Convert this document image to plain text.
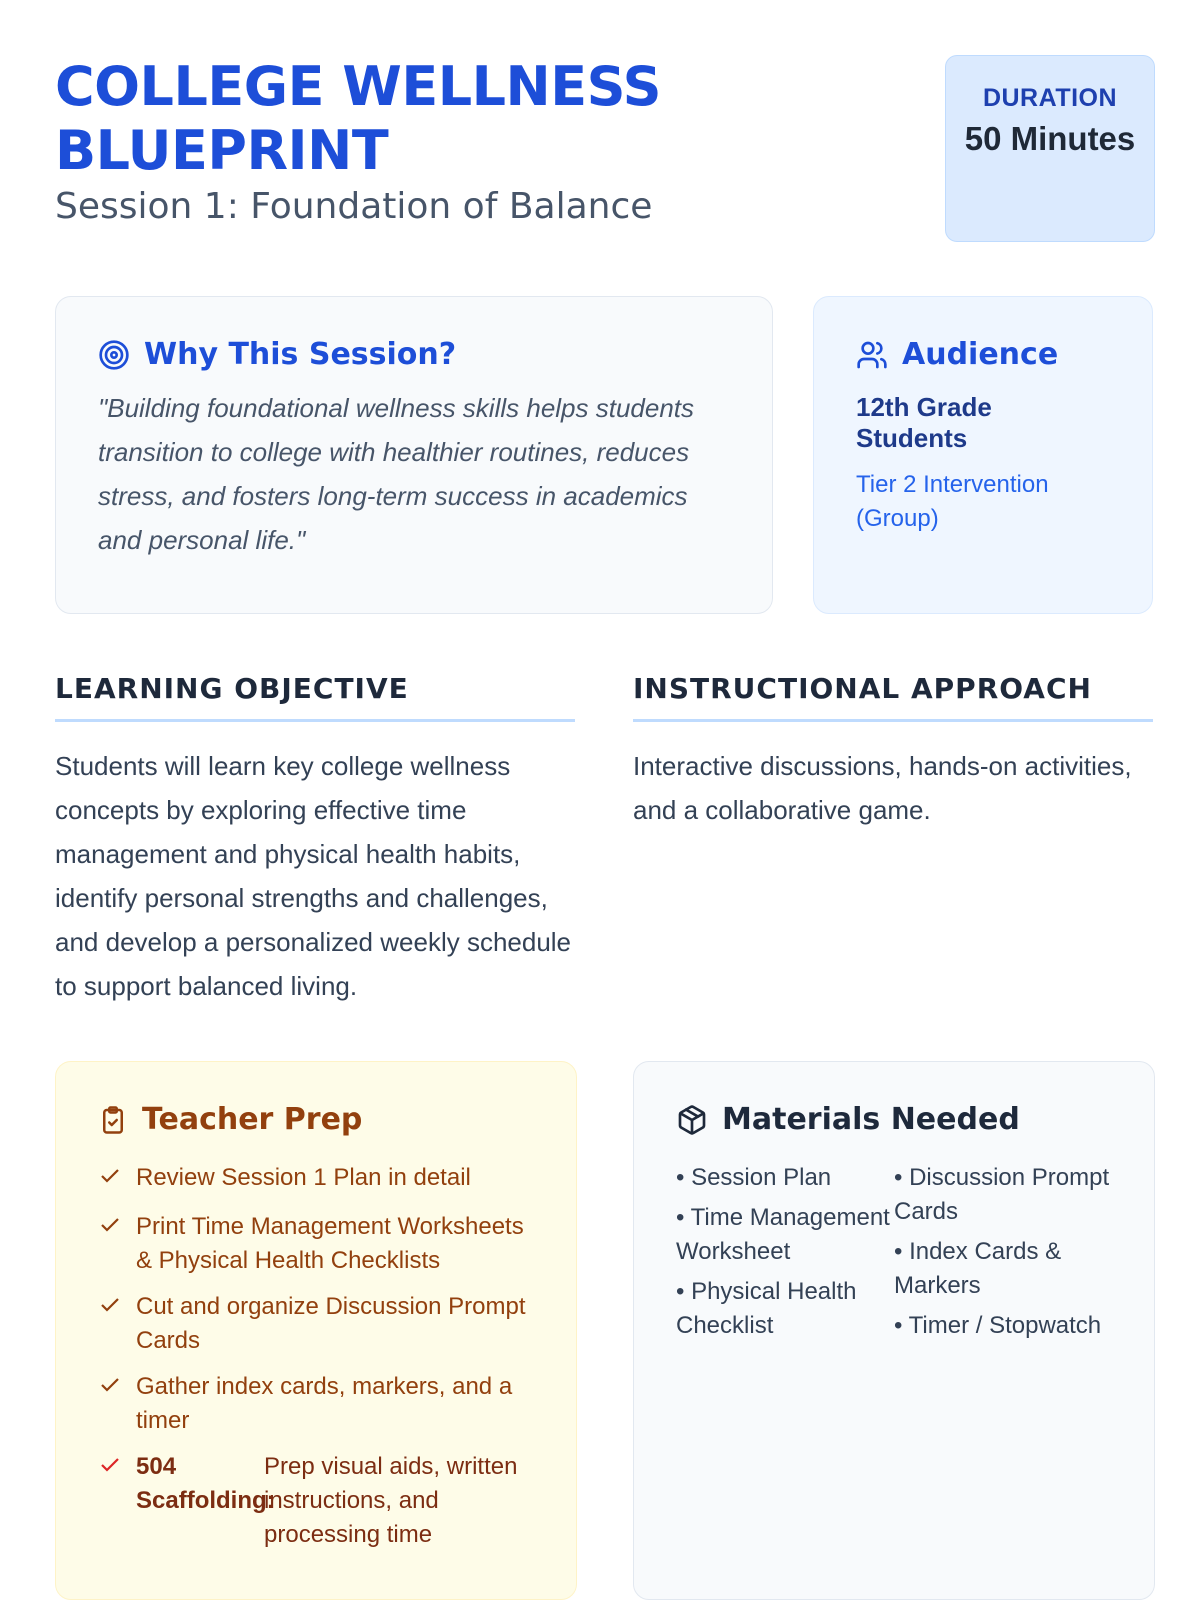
COLLEGE WELLNESS BLUEPRINT
Session 1: Foundation of Balance
DURATION
50 Minutes
Why This Session?

"Building foundational wellness skills helps students transition to college with healthier routines, reduces stress, and fosters long-term success in academics and personal life."

Audience
12th Grade Students
Tier 2 Intervention (Group)
LEARNING OBJECTIVE

Students will learn key college wellness concepts by exploring effective time management and physical health habits, identify personal strengths and challenges, and develop a personalized weekly schedule to support balanced living.

INSTRUCTIONAL APPROACH

Interactive discussions, hands-on activities, and a collaborative game.

Teacher Prep
Review Session 1 Plan in detail
Print Time Management Worksheets & Physical Health Checklists
Cut and organize Discussion Prompt Cards
Gather index cards, markers, and a timer
504 Scaffolding:
Prep visual aids, written instructions, and processing time
Materials Needed
• Session Plan
• Time Management Worksheet
• Physical Health Checklist
• Discussion Prompt Cards
• Index Cards & Markers
• Timer / Stopwatch
